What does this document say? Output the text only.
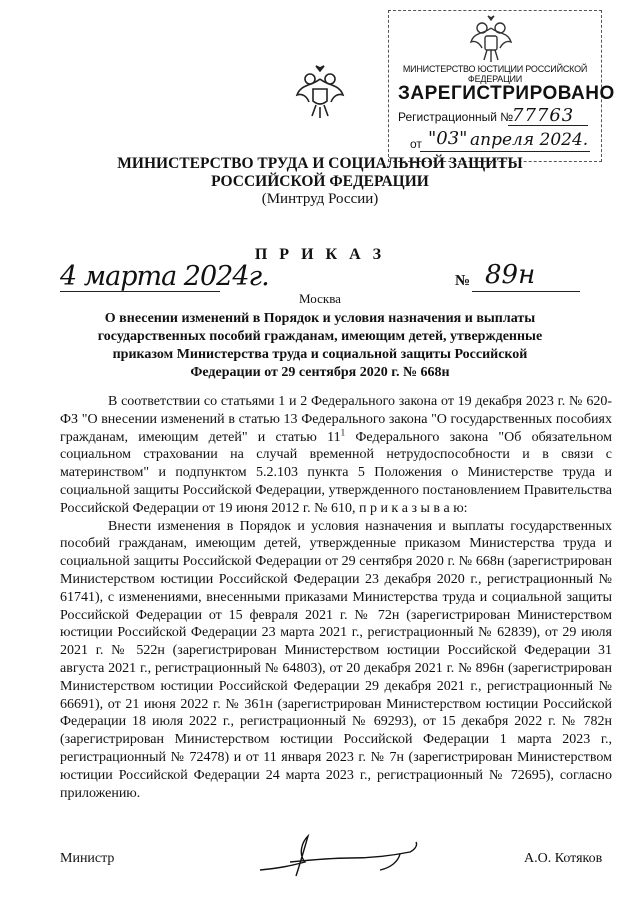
МИНИСТЕРСТВО ЮСТИЦИИ РОССИЙСКОЙ ФЕДЕРАЦИИ
ЗАРЕГИСТРИРОВАНО
Регистрационный №
77763
от "03" апреля 2024.
МИНИСТЕРСТВО ТРУДА И СОЦИАЛЬНОЙ ЗАЩИТЫ
РОССИЙСКОЙ ФЕДЕРАЦИИ
(Минтруд России)
П Р И К А З
4 марта 2024г.	№ 89н
Москва
О внесении изменений в Порядок и условия назначения и выплаты государственных пособий гражданам, имеющим детей, утвержденные приказом Министерства труда и социальной защиты Российской Федерации от 29 сентября 2020 г. № 668н

В соответствии со статьями 1 и 2 Федерального закона от 19 декабря 2023 г. № 620-ФЗ "О внесении изменений в статью 13 Федерального закона "О государственных пособиях гражданам, имеющим детей" и статью $11^1$ Федерального закона "Об обязательном социальном страховании на случай временной нетрудоспособности и в связи с материнством" и подпунктом 5.2.103 пункта 5 Положения о Министерстве труда и социальной защиты Российской Федерации, утвержденного постановлением Правительства Российской Федерации от 19 июня 2012 г. № 610, п р и к а з ы в а ю:

Внести изменения в Порядок и условия назначения и выплаты государственных пособий гражданам, имеющим детей, утвержденные приказом Министерства труда и социальной защиты Российской Федерации от 29 сентября 2020 г. № 668н (зарегистрирован Министерством юстиции Российской Федерации 23 декабря 2020 г., регистрационный № 61741), с изменениями, внесенными приказами Министерства труда и социальной защиты Российской Федерации от 15 февраля 2021 г. № 72н (зарегистрирован Министерством юстиции Российской Федерации 23 марта 2021 г., регистрационный № 62839), от 29 июля 2021 г. № 522н (зарегистрирован Министерством юстиции Российской Федерации 31 августа 2021 г., регистрационный № 64803), от 20 декабря 2021 г. № 896н (зарегистрирован Министерством юстиции Российской Федерации 29 декабря 2021 г., регистрационный № 66691), от 21 июня 2022 г. № 361н (зарегистрирован Министерством юстиции Российской Федерации 18 июля 2022 г., регистрационный № 69293), от 15 декабря 2022 г. № 782н (зарегистрирован Министерством юстиции Российской Федерации 1 марта 2023 г., регистрационный № 72478) и от 11 января 2023 г. № 7н (зарегистрирован Министерством юстиции Российской Федерации 24 марта 2023 г., регистрационный № 72695), согласно приложению.

Министр	А.О. Котяков
